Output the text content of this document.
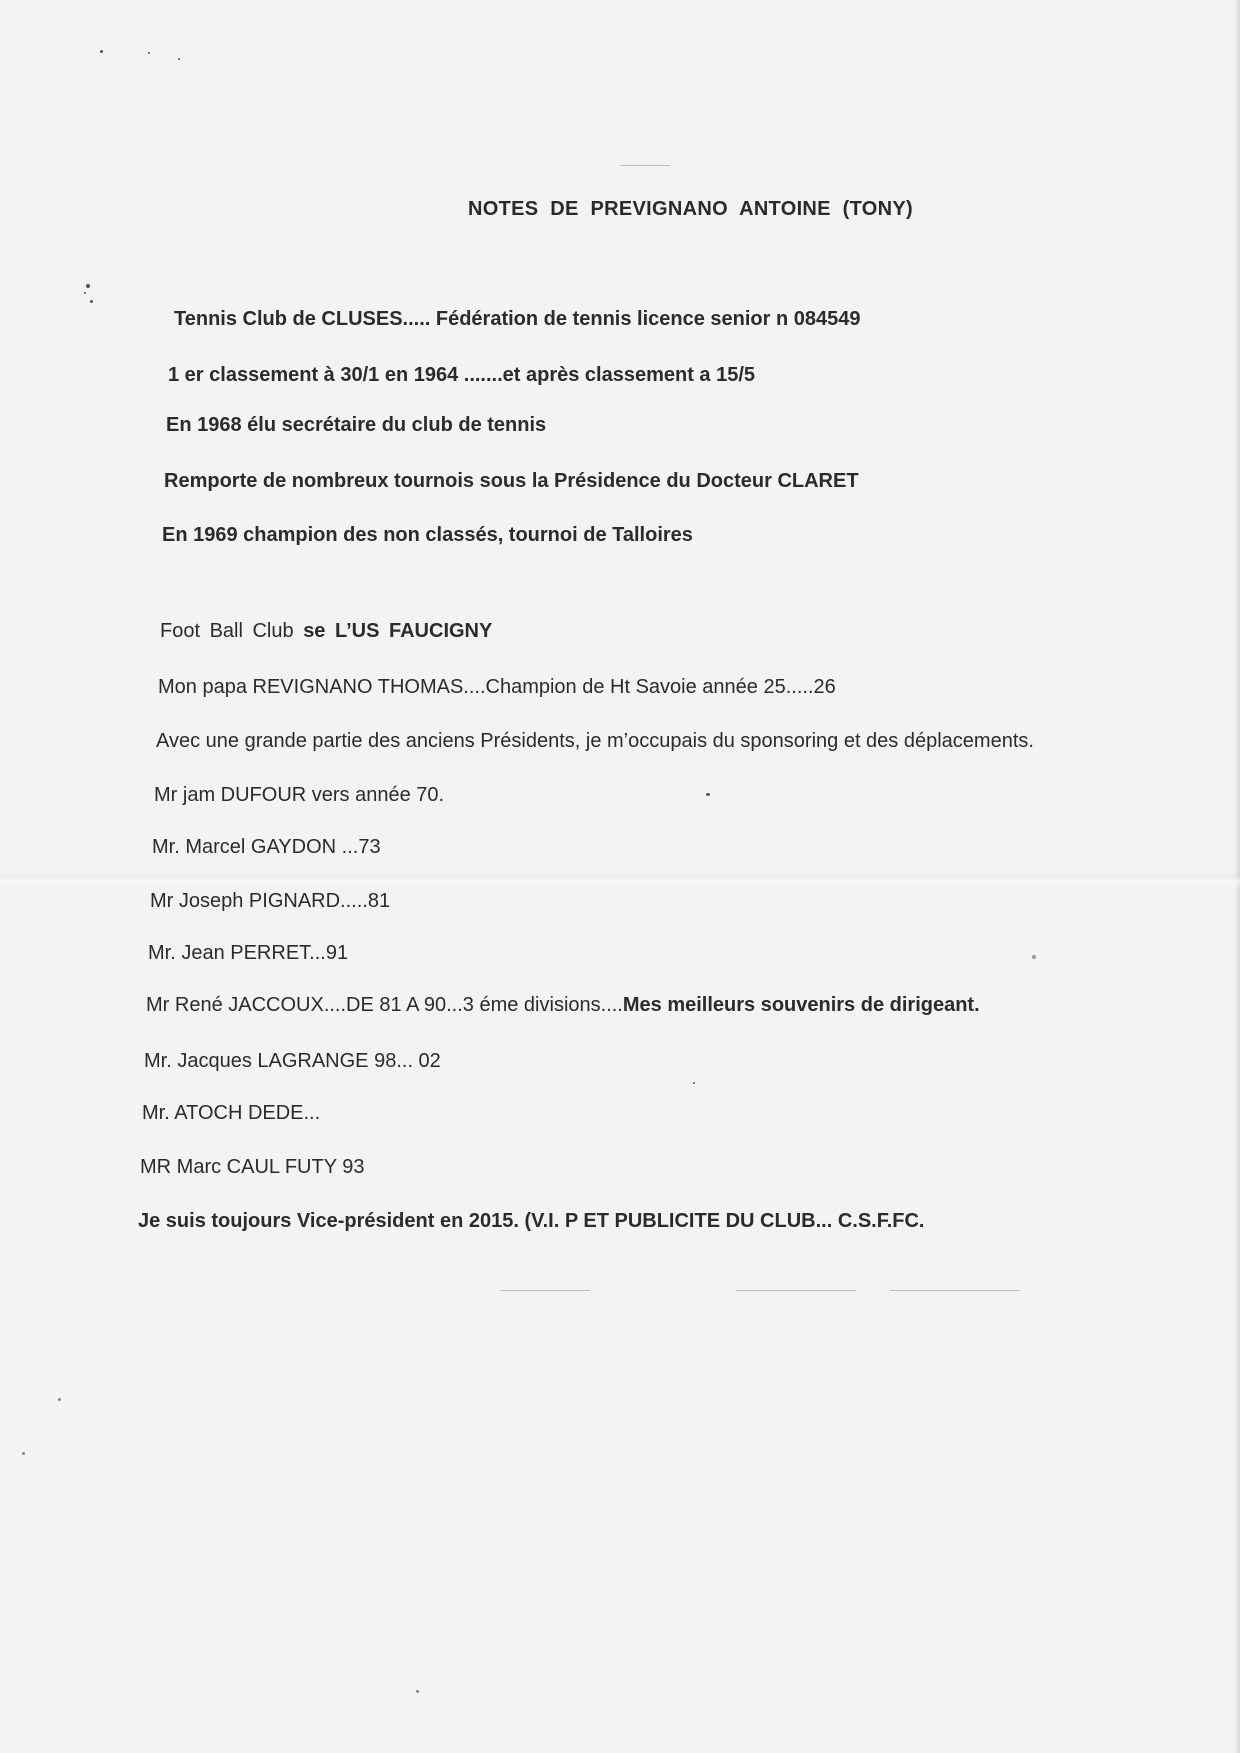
NOTES DE PREVIGNANO ANTOINE (TONY)
Tennis Club de CLUSES..... Fédération de tennis licence senior n 084549
1 er classement à 30/1 en 1964 .......et après classement a 15/5
En 1968 élu secrétaire du club de tennis
Remporte de nombreux tournois sous la Présidence du Docteur CLARET
En 1969 champion des non classés, tournoi de Talloires
Foot Ball Club se L’US FAUCIGNY
Mon papa REVIGNANO THOMAS....Champion de Ht Savoie année 25.....26
Avec une grande partie des anciens Présidents, je m’occupais du sponsoring et des déplacements.
Mr jam DUFOUR vers année 70.
Mr. Marcel GAYDON ...73
Mr Joseph PIGNARD.....81
Mr. Jean PERRET...91
Mr René JACCOUX....DE 81 A 90...3 éme divisions....Mes meilleurs souvenirs de dirigeant.
Mr. Jacques LAGRANGE 98... 02
Mr. ATOCH DEDE...
MR Marc CAUL FUTY 93
Je suis toujours Vice-président en 2015. (V.I. P ET PUBLICITE DU CLUB... C.S.F.FC.
